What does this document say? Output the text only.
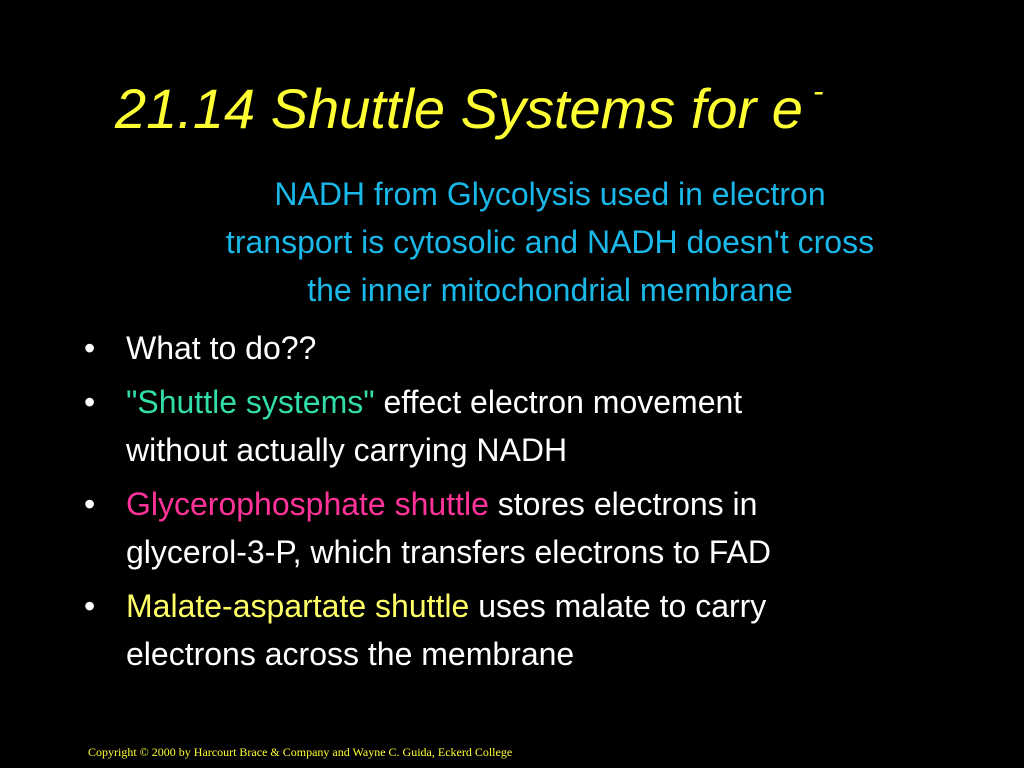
21.14 Shuttle Systems for e -
NADH from Glycolysis used in electron
transport is cytosolic and NADH doesn't cross
the inner mitochondrial membrane
• What to do??
• "Shuttle systems" effect electron movement
without actually carrying NADH
• Glycerophosphate shuttle stores electrons in
glycerol-3-P, which transfers electrons to FAD
• Malate-aspartate shuttle uses malate to carry
electrons across the membrane
Copyright © 2000 by Harcourt Brace & Company and Wayne C. Guida, Eckerd College
